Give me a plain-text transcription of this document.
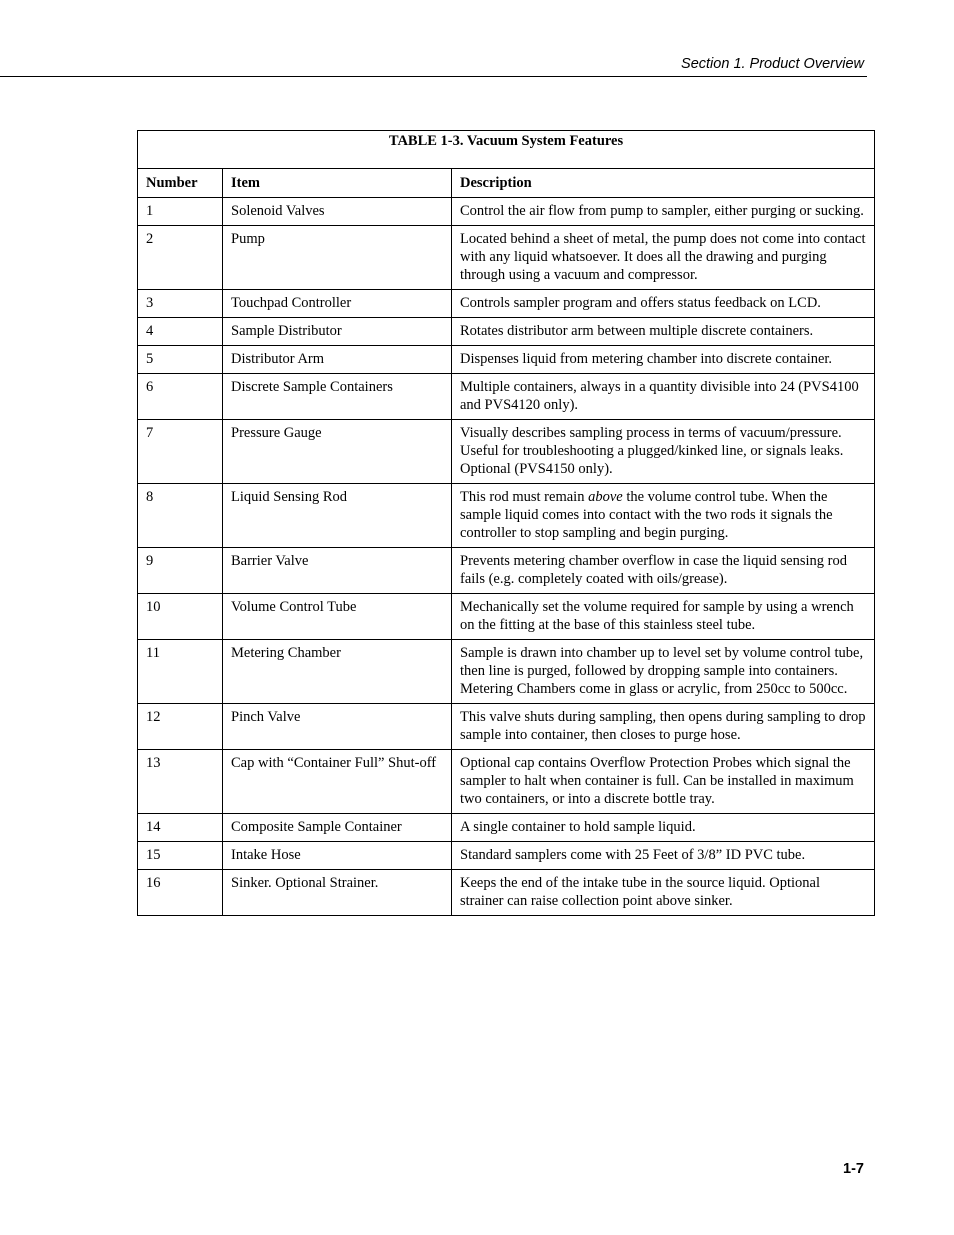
Section 1. Product Overview
TABLE 1-3. Vacuum System Features		
Number	Item	Description
1	Solenoid Valves	Control the air flow from pump to sampler, either purging or sucking.
2	Pump	Located behind a sheet of metal, the pump does not come into contact with any liquid whatsoever. It does all the drawing and purging through using a vacuum and compressor.
3	Touchpad Controller	Controls sampler program and offers status feedback on LCD.
4	Sample Distributor	Rotates distributor arm between multiple discrete containers.
5	Distributor Arm	Dispenses liquid from metering chamber into discrete container.
6	Discrete Sample Containers	Multiple containers, always in a quantity divisible into 24 (PVS4100 and PVS4120 only).
7	Pressure Gauge	Visually describes sampling process in terms of vacuum/pressure. Useful for troubleshooting a plugged/kinked line, or signals leaks. Optional (PVS4150 only).
8	Liquid Sensing Rod	This rod must remain above the volume control tube. When the sample liquid comes into contact with the two rods it signals the controller to stop sampling and begin purging.
9	Barrier Valve	Prevents metering chamber overflow in case the liquid sensing rod fails (e.g. completely coated with oils/grease).
10	Volume Control Tube	Mechanically set the volume required for sample by using a wrench on the fitting at the base of this stainless steel tube.
11	Metering Chamber	Sample is drawn into chamber up to level set by volume control tube, then line is purged, followed by dropping sample into containers. Metering Chambers come in glass or acrylic, from 250cc to 500cc.
12	Pinch Valve	This valve shuts during sampling, then opens during sampling to drop sample into container, then closes to purge hose.
13	Cap with “Container Full” Shut-off	Optional cap contains Overflow Protection Probes which signal the sampler to halt when container is full. Can be installed in maximum two containers, or into a discrete bottle tray.
14	Composite Sample Container	A single container to hold sample liquid.
15	Intake Hose	Standard samplers come with 25 Feet of 3/8” ID PVC tube.
16	Sinker. Optional Strainer.	Keeps the end of the intake tube in the source liquid. Optional strainer can raise collection point above sinker.
1-7
